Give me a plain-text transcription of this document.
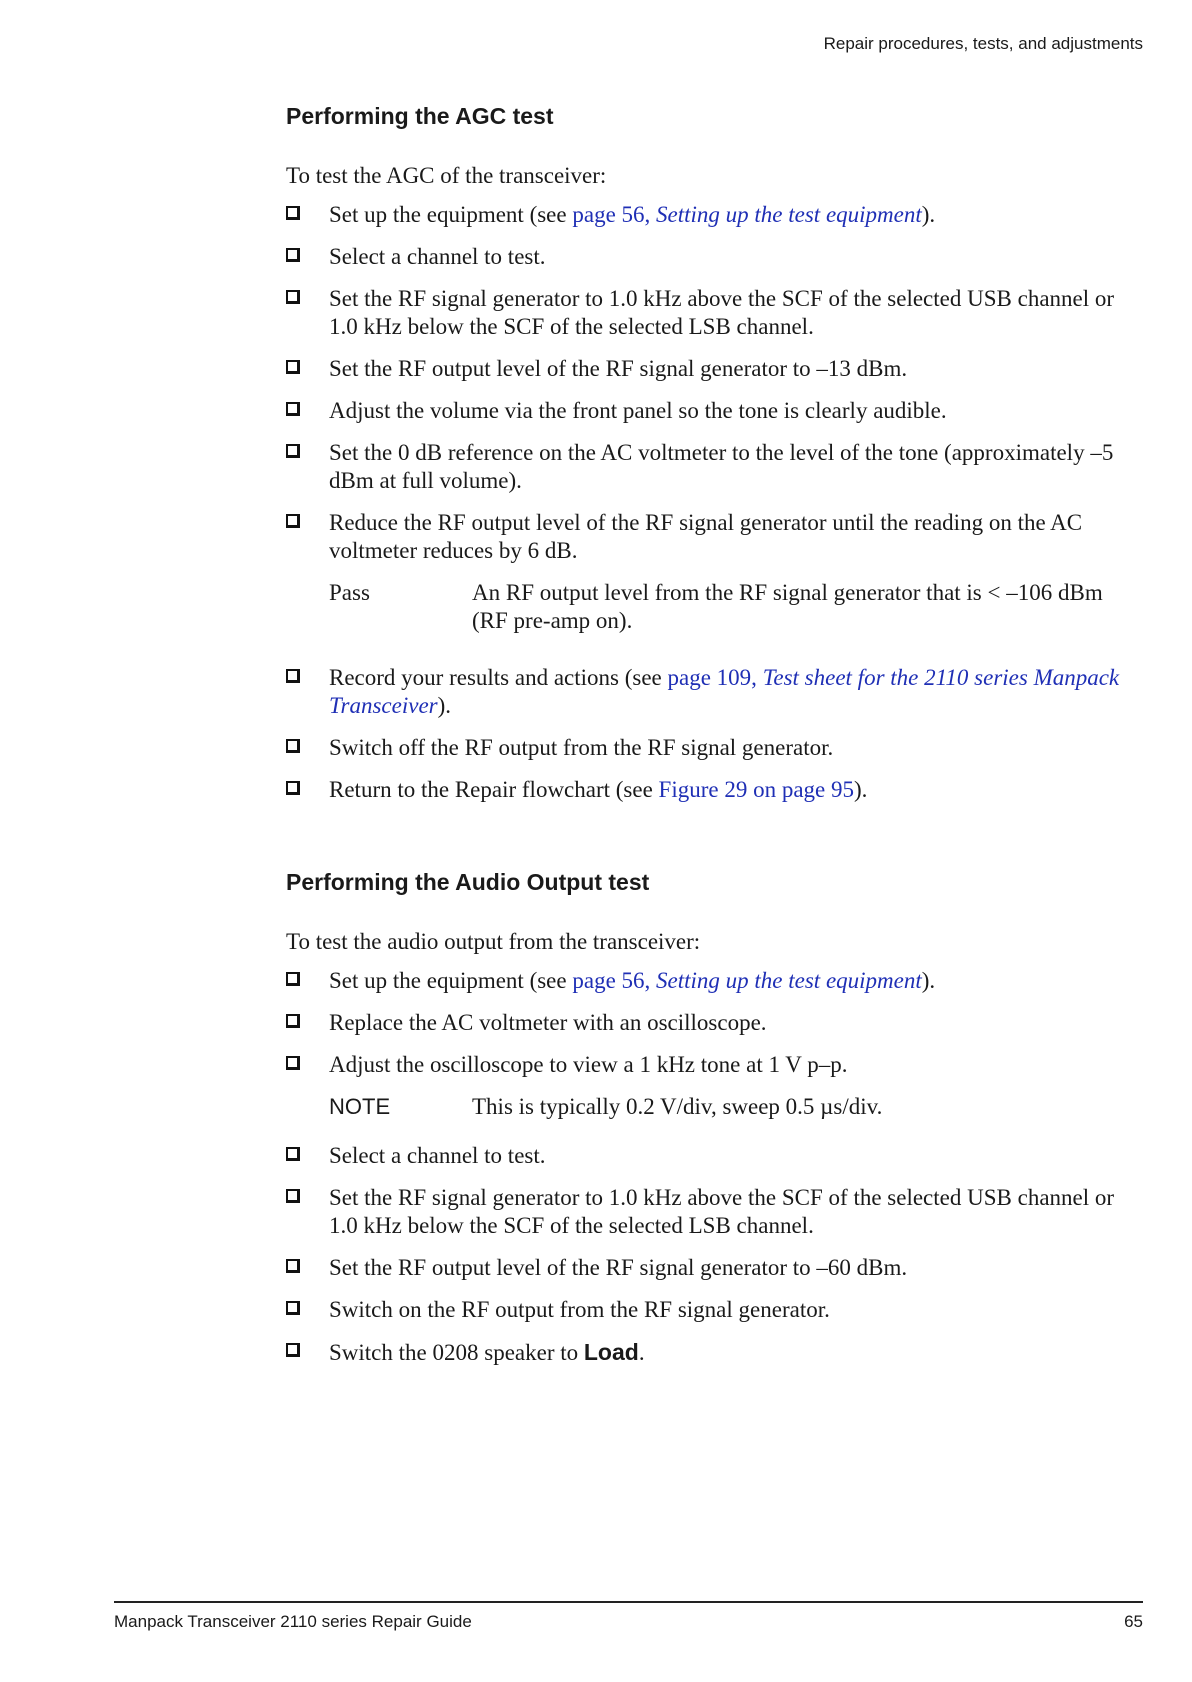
Repair procedures, tests, and adjustments
Performing the AGC test
To test the AGC of the transceiver:
Set up the equipment (see page 56, Setting up the test equipment).
Select a channel to test.
Set the RF signal generator to 1.0 kHz above the SCF of the selected USB channel or 1.0 kHz below the SCF of the selected LSB channel.
Set the RF output level of the RF signal generator to –13 dBm.
Adjust the volume via the front panel so the tone is clearly audible.
Set the 0 dB reference on the AC voltmeter to the level of the tone (approximately –5 dBm at full volume).
Reduce the RF output level of the RF signal generator until the reading on the AC voltmeter reduces by 6 dB.
Pass	An RF output level from the RF signal generator that is < –106 dBm (RF pre-amp on).
Record your results and actions (see page 109, Test sheet for the 2110 series Manpack Transceiver).
Switch off the RF output from the RF signal generator.
Return to the Repair flowchart (see Figure 29 on page 95).
Performing the Audio Output test
To test the audio output from the transceiver:
Set up the equipment (see page 56, Setting up the test equipment).
Replace the AC voltmeter with an oscilloscope.
Adjust the oscilloscope to view a 1 kHz tone at 1 V p–p.
NOTE	This is typically 0.2 V/div, sweep 0.5 µs/div.
Select a channel to test.
Set the RF signal generator to 1.0 kHz above the SCF of the selected USB channel or 1.0 kHz below the SCF of the selected LSB channel.
Set the RF output level of the RF signal generator to –60 dBm.
Switch on the RF output from the RF signal generator.
Switch the 0208 speaker to Load.
Manpack Transceiver 2110 series Repair Guide	65
